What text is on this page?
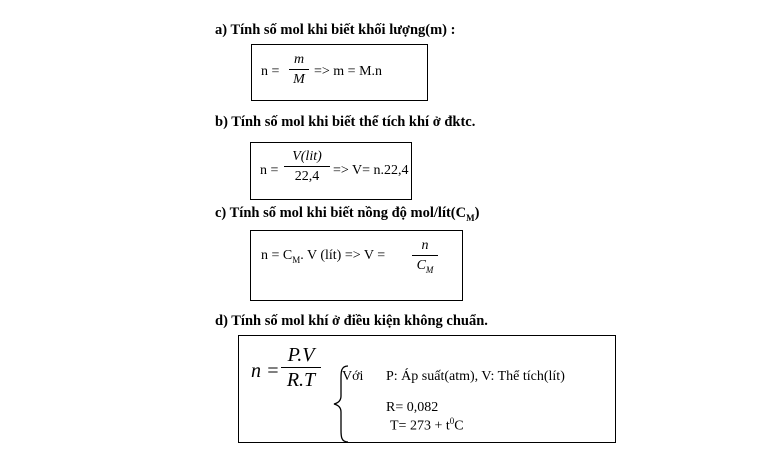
a) Tính số mol khi biết khối lượng(m) :
n =
m
M
=> m = M.n
b) Tính số mol khi biết thể tích khí ở đktc.
n =
V(lit)
22,4 => V= n.22,4
c) Tính số mol khi biết nồng độ mol/$lít(C_M)$
$n = C_M$. V (lít) => V =
n
$C_M$
d) Tính số mol khí ở điều kiện không chuẩn.
n =
P.V
R.T Với P: Áp suất(atm), V: Thể tích(lít)
R= 0,082
$T= 273 + t^0C$
